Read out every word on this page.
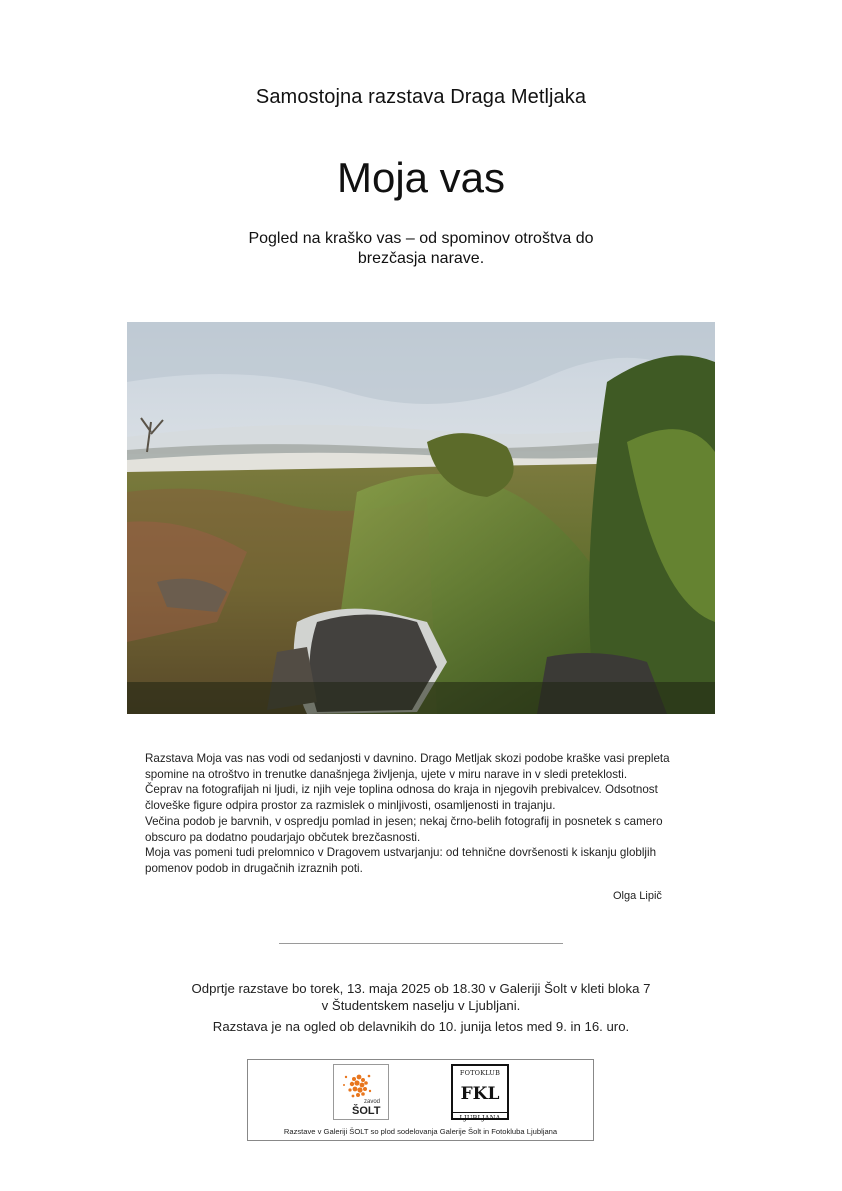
Samostojna razstava Draga Metljaka
Moja vas
Pogled na kraško vas – od spominov otroštva do brezčasja narave.

Razstava Moja vas nas vodi od sedanjosti v davnino. Drago Metljak skozi podobe kraške vasi prepleta spomine na otroštvo in trenutke današnjega življenja, ujete v miru narave in v sledi preteklosti.

Čeprav na fotografijah ni ljudi, iz njih veje toplina odnosa do kraja in njegovih prebivalcev. Odsotnost človeške figure odpira prostor za razmislek o minljivosti, osamljenosti in trajanju.

Večina podob je barvnih, v ospredju pomlad in jesen; nekaj črno-belih fotografij in posnetek s camero obscuro pa dodatno poudarjajo občutek brezčasnosti.

Moja vas pomeni tudi prelomnico v Dragovem ustvarjanju: od tehnične dovršenosti k iskanju globljih pomenov podob in drugačnih izraznih poti.

Olga Lipič
Odprtje razstave bo torek, 13. maja 2025 ob 18.30 v Galeriji Šolt v kleti bloka 7
v Študentskem naselju v Ljubljani.
Razstava je na ogled ob delavnikih do 10. junija letos med 9. in 16. uro.
zavod
ŠOLT
FOTOKLUB
FKL
LJUBLJANA
Razstave v Galeriji ŠOLT so plod sodelovanja Galerije Šolt in Fotokluba Ljubljana
